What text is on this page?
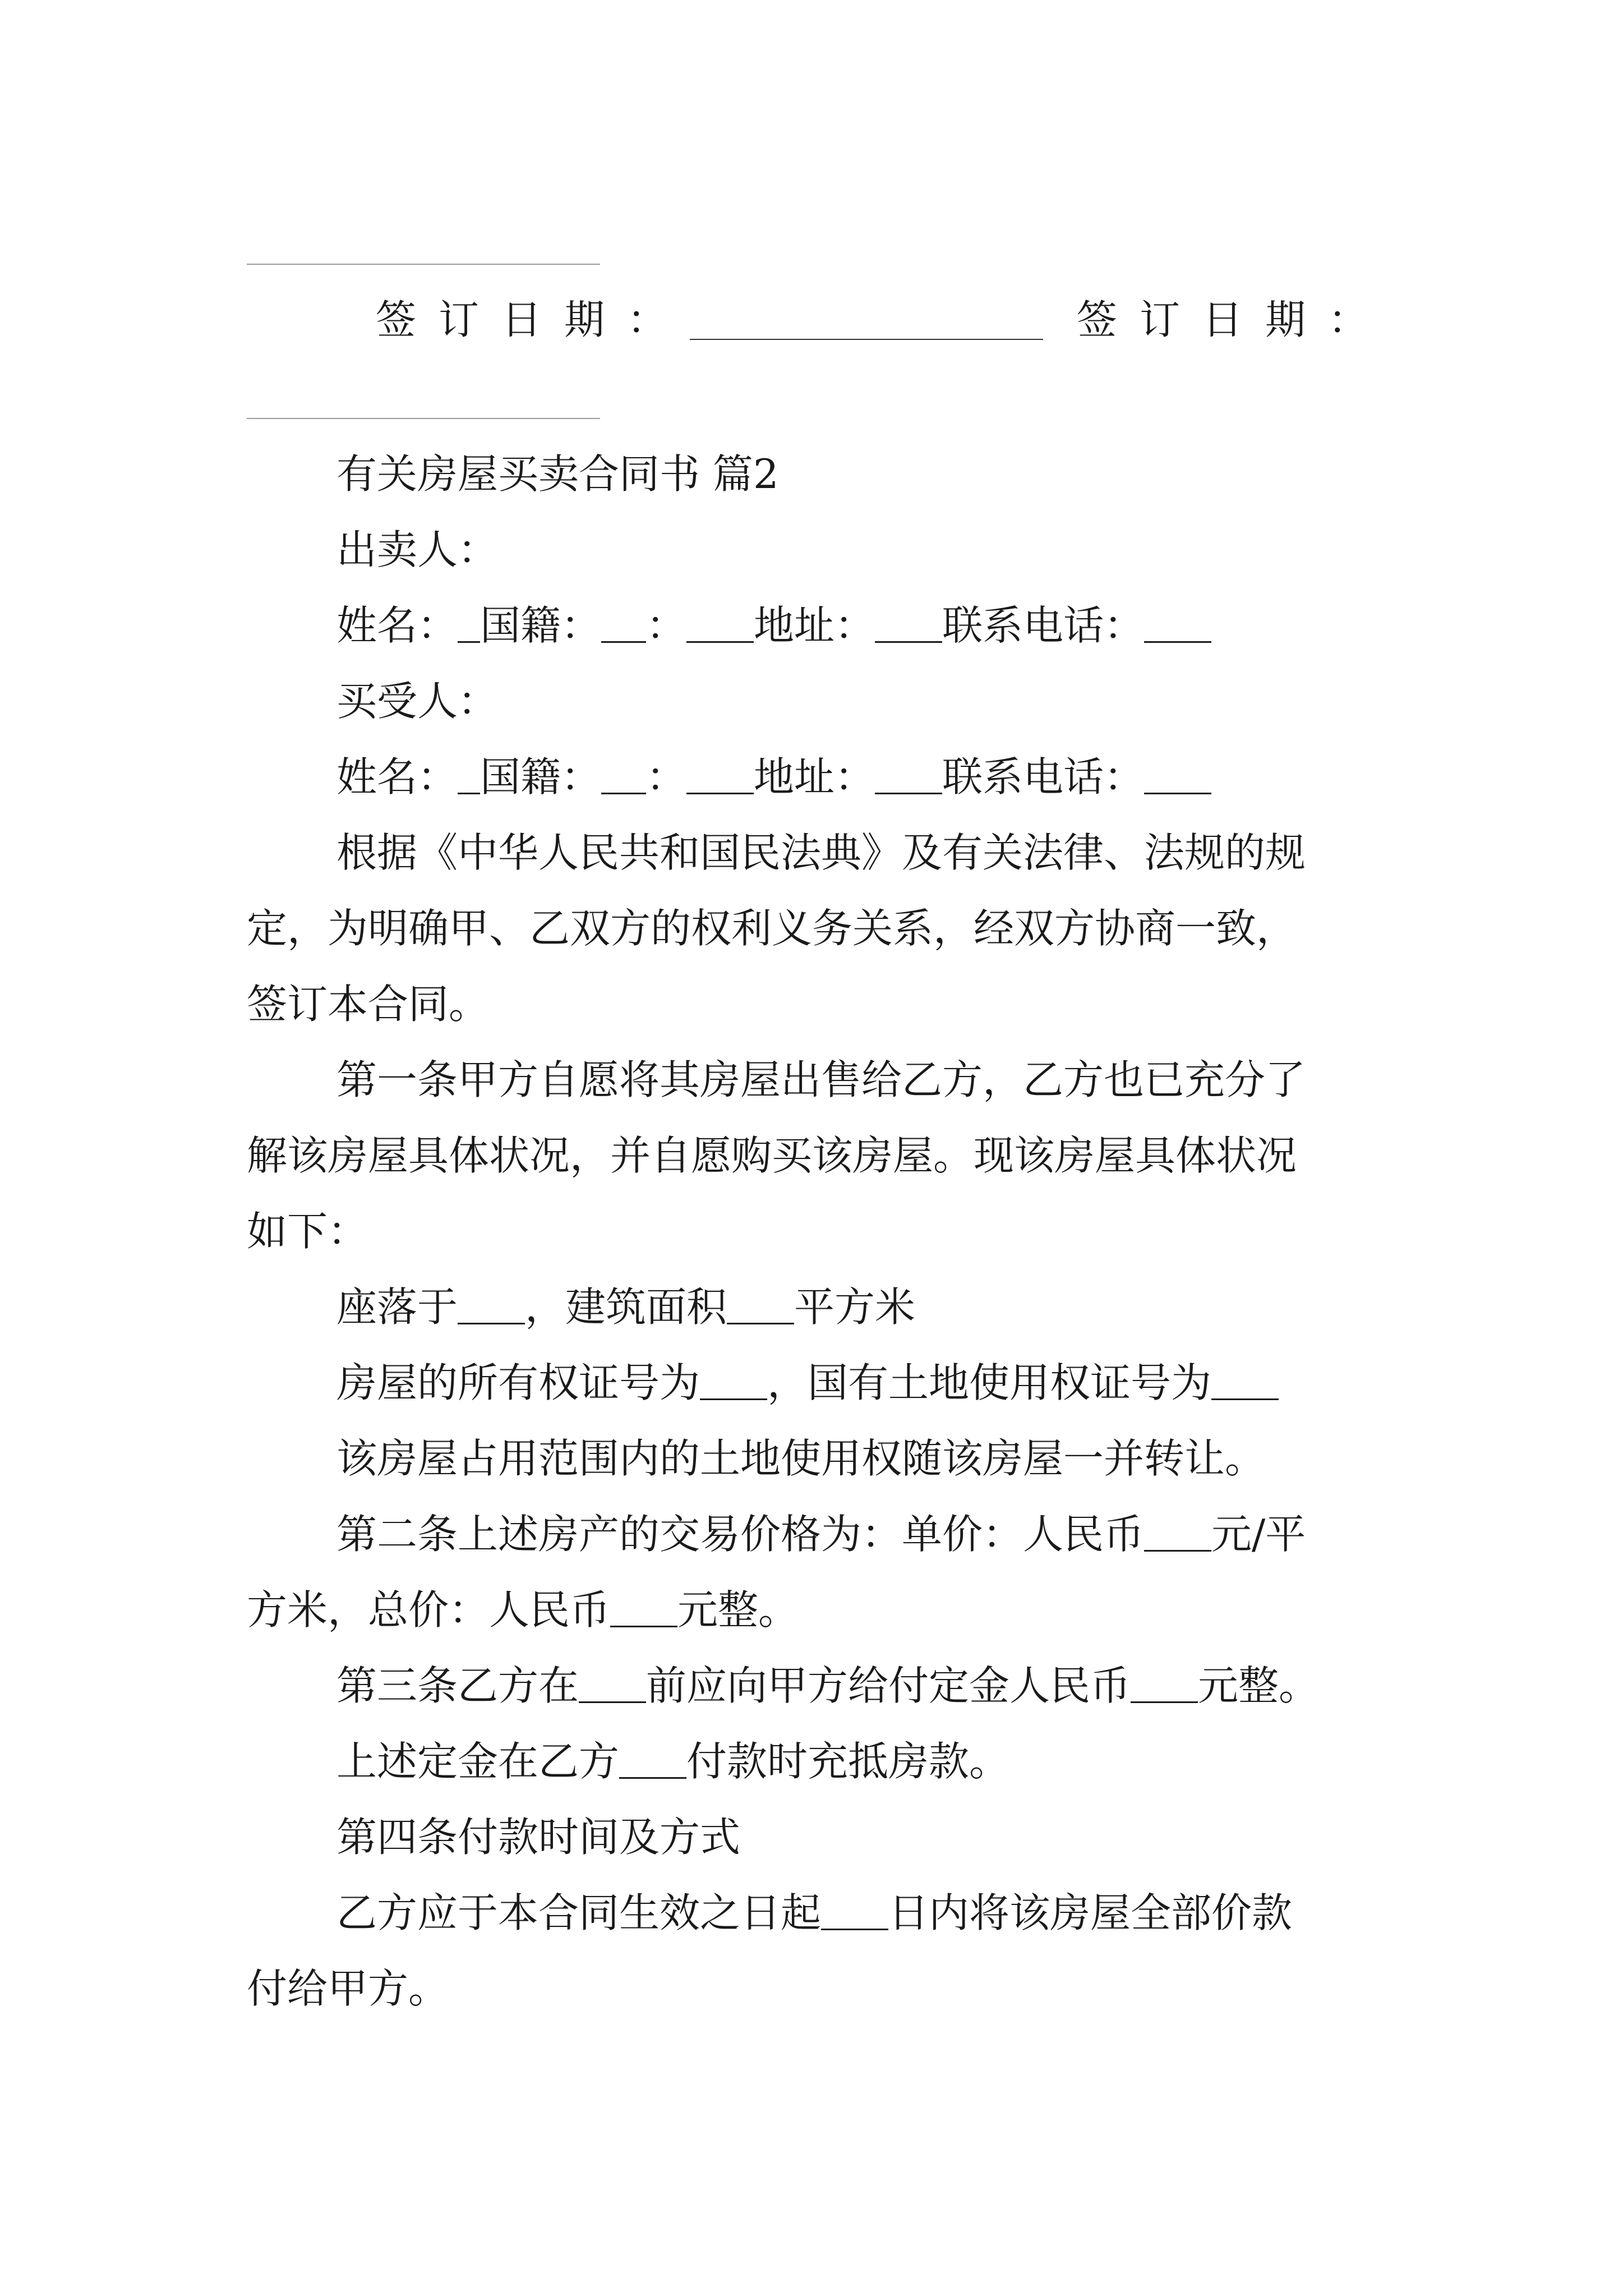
签订日期：	签订日期：
有关房屋买卖合同书 篇2
出卖人：
姓名： 国籍： ： 地址： 联系电话：
买受人：
姓名： 国籍： ： 地址： 联系电话：
根据《中华人民共和国民法典》及有关法律、法规的规
定，为明确甲、乙双方的权利义务关系，经双方协商一致，
签订本合同。
第一条甲方自愿将其房屋出售给乙方，乙方也已充分了
解该房屋具体状况，并自愿购买该房屋。现该房屋具体状况
如下：
座落于 ，建筑面积 平方米
房屋的所有权证号为 ，国有土地使用权证号为
该房屋占用范围内的土地使用权随该房屋一并转让。
第二条上述房产的交易价格为：单价：人民币 元/平
方米，总价：人民币 元整。
第三条乙方在 前应向甲方给付定金人民币 元整。
上述定金在乙方 付款时充抵房款。
第四条付款时间及方式
乙方应于本合同生效之日起 日内将该房屋全部价款
付给甲方。
